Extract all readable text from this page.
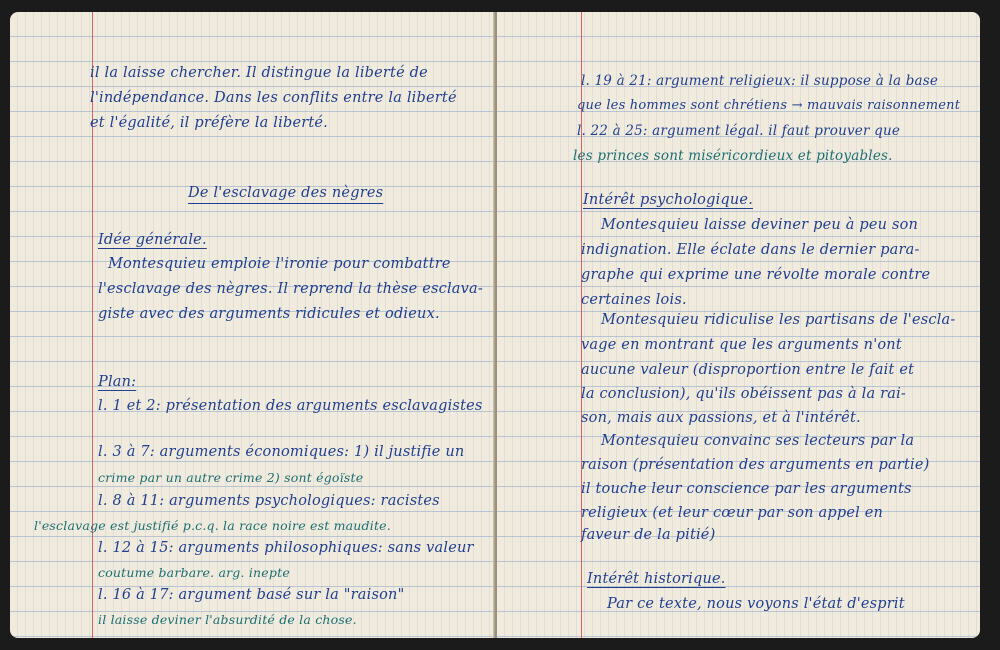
il la laisse chercher. Il distingue la liberté de
l'indépendance. Dans les conflits entre la liberté
et l'égalité, il préfère la liberté.
De l'esclavage des nègres
Idée générale.
Montesquieu emploie l'ironie pour combattre
l'esclavage des nègres. Il reprend la thèse esclava-
giste avec des arguments ridicules et odieux.
Plan:
l. 1 et 2: présentation des arguments esclavagistes
l. 3 à 7: arguments économiques: 1) il justifie un
crime par un autre crime 2) sont égoïste
l. 8 à 11: arguments psychologiques: racistes
l'esclavage est justifié p.c.q. la race noire est maudite.
l. 12 à 15: arguments philosophiques: sans valeur
coutume barbare. arg. inepte
l. 16 à 17: argument basé sur la "raison"
il laisse deviner l'absurdité de la chose.
l. 19 à 21: argument religieux: il suppose à la base
que les hommes sont chrétiens → mauvais raisonnement
l. 22 à 25: argument légal. il faut prouver que
les princes sont miséricordieux et pitoyables.
Intérêt psychologique.
Montesquieu laisse deviner peu à peu son
indignation. Elle éclate dans le dernier para-
graphe qui exprime une révolte morale contre
certaines lois.
Montesquieu ridiculise les partisans de l'escla-
vage en montrant que les arguments n'ont
aucune valeur (disproportion entre le fait et
la conclusion), qu'ils obéissent pas à la rai-
son, mais aux passions, et à l'intérêt.
Montesquieu convainc ses lecteurs par la
raison (présentation des arguments en partie)
il touche leur conscience par les arguments
religieux (et leur cœur par son appel en
faveur de la pitié)
Intérêt historique.
Par ce texte, nous voyons l'état d'esprit
